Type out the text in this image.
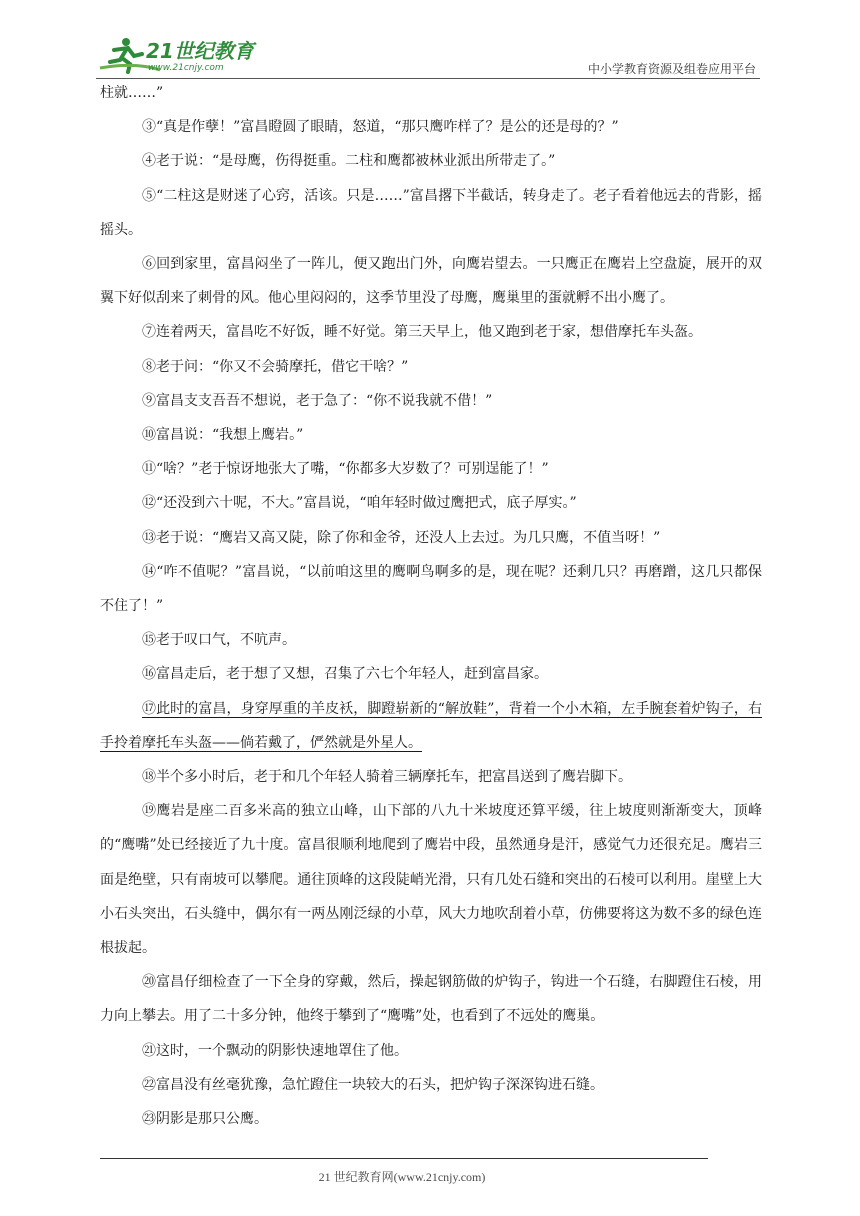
21世纪教育
www.21cnjy.com	中小学教育资源及组卷应用平台

柱就……”

③“真是作孽！”富昌瞪圆了眼睛，怒道，“那只鹰咋样了？是公的还是母的？”

④老于说：“是母鹰，伤得挺重。二柱和鹰都被林业派出所带走了。”

⑤“二柱这是财迷了心窍，活该。只是……”富昌撂下半截话，转身走了。老子看着他远去的背影，摇摇头。

⑥回到家里，富昌闷坐了一阵儿，便又跑出门外，向鹰岩望去。一只鹰正在鹰岩上空盘旋，展开的双翼下好似刮来了刺骨的风。他心里闷闷的，这季节里没了母鹰，鹰巢里的蛋就孵不出小鹰了。

⑦连着两天，富昌吃不好饭，睡不好觉。第三天早上，他又跑到老于家，想借摩托车头盔。

⑧老于问：“你又不会骑摩托，借它干啥？”

⑨富昌支支吾吾不想说，老于急了：“你不说我就不借！”

⑩富昌说：“我想上鹰岩。”

⑪“啥？”老于惊讶地张大了嘴，“你都多大岁数了？可别逞能了！”

⑫“还没到六十呢，不大。”富昌说，“咱年轻时做过鹰把式，底子厚实。”

⑬老于说：“鹰岩又高又陡，除了你和金爷，还没人上去过。为几只鹰，不值当呀！”

⑭“咋不值呢？”富昌说，“以前咱这里的鹰啊鸟啊多的是，现在呢？还剩几只？再磨蹭，这几只都保不住了！”

⑮老于叹口气，不吭声。

⑯富昌走后，老于想了又想，召集了六七个年轻人，赶到富昌家。

⑰此时的富昌，身穿厚重的羊皮袄，脚蹬崭新的“解放鞋”，背着一个小木箱，左手腕套着炉钩子，右手拎着摩托车头盔——倘若戴了，俨然就是外星人。

⑱半个多小时后，老于和几个年轻人骑着三辆摩托车，把富昌送到了鹰岩脚下。

⑲鹰岩是座二百多米高的独立山峰，山下部的八九十米坡度还算平缓，往上坡度则渐渐变大，顶峰的“鹰嘴”处已经接近了九十度。富昌很顺利地爬到了鹰岩中段，虽然通身是汗，感觉气力还很充足。鹰岩三面是绝壁，只有南坡可以攀爬。通往顶峰的这段陡峭光滑，只有几处石缝和突出的石棱可以利用。崖壁上大小石头突出，石头缝中，偶尔有一两丛刚泛绿的小草，风大力地吹刮着小草，仿佛要将这为数不多的绿色连根拔起。

⑳富昌仔细检查了一下全身的穿戴，然后，操起钢筋做的炉钩子，钩进一个石缝，右脚蹬住石棱，用力向上攀去。用了二十多分钟，他终于攀到了“鹰嘴”处，也看到了不远处的鹰巢。

㉑这时，一个飘动的阴影快速地罩住了他。

㉒富昌没有丝毫犹豫，急忙蹬住一块较大的石头，把炉钩子深深钩进石缝。

㉓阴影是那只公鹰。

21 世纪教育网(www.21cnjy.com)
